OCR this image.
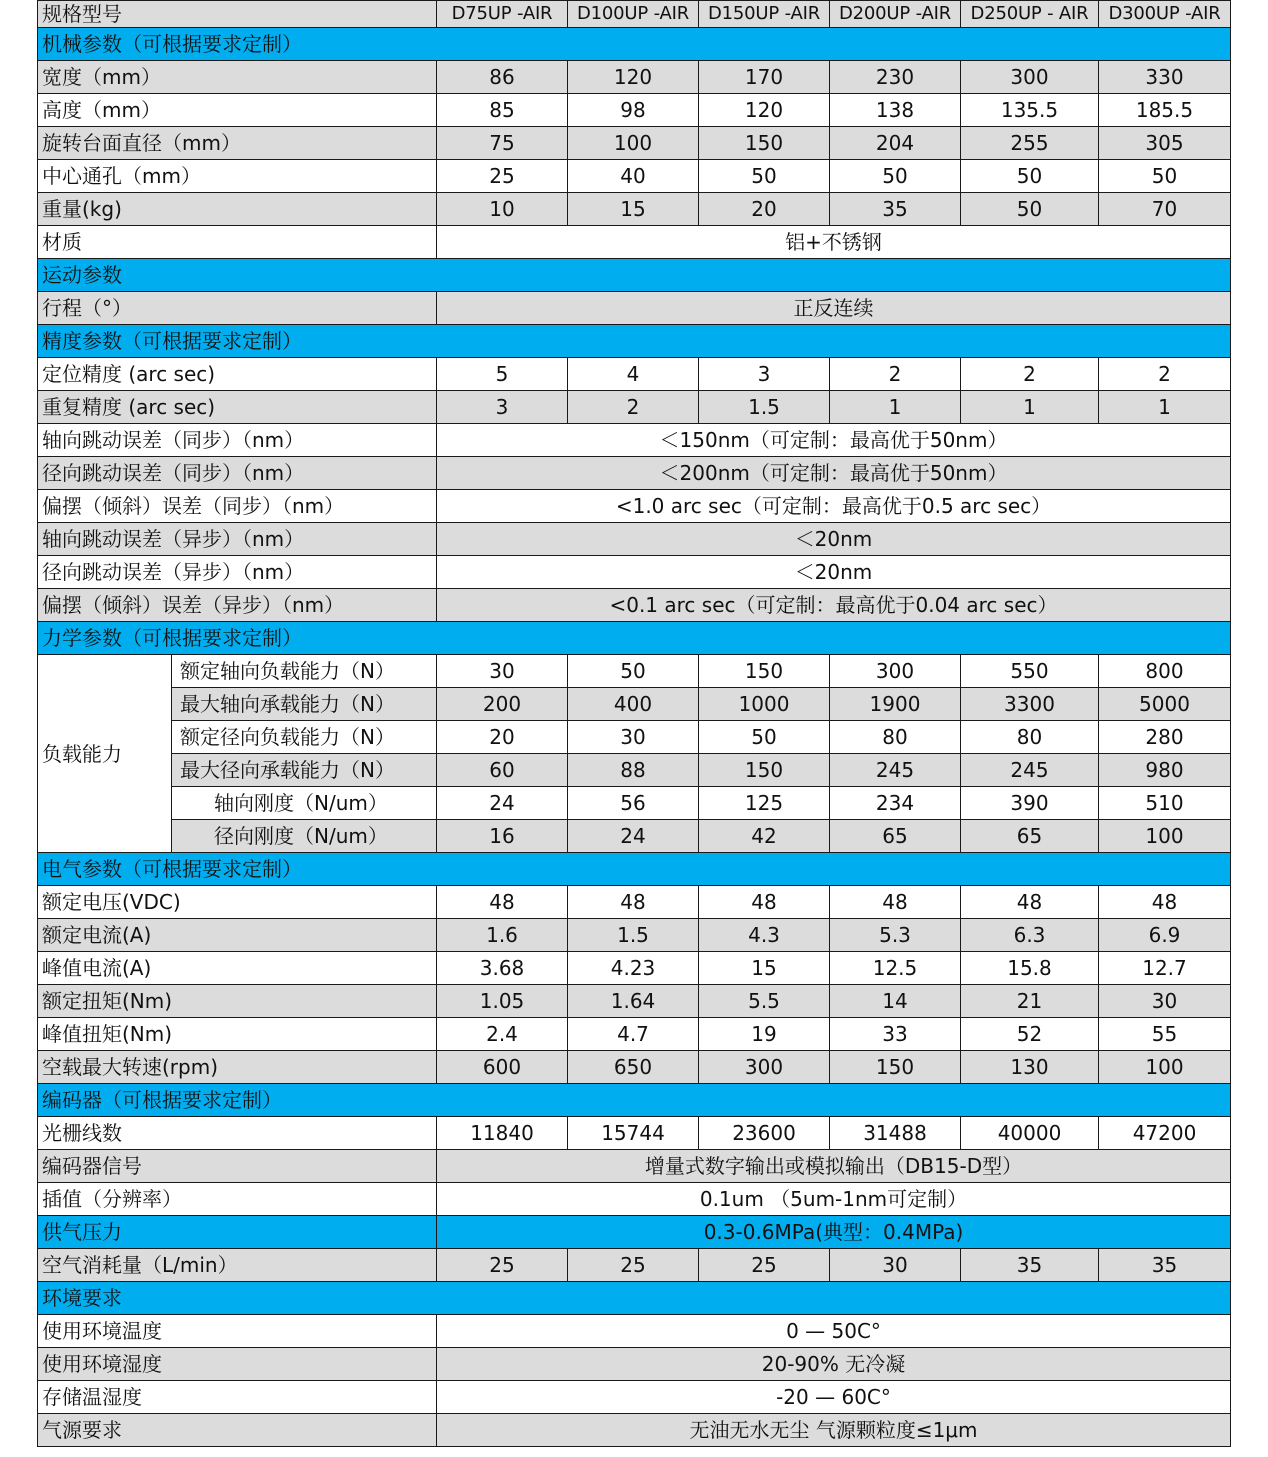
规格型号		D75UP -AIR	D100UP -AIR	D150UP -AIR	D200UP -AIR	D250UP - AIR	D300UP -AIR
机械参数（可根据要求定制）							
宽度（mm）		86	120	170	230	300	330
高度（mm）		85	98	120	138	135.5	185.5
旋转台面直径（mm）		75	100	150	204	255	305
中心通孔（mm）		25	40	50	50	50	50
重量(kg)		10	15	20	35	50	70
材质		铝+不锈钢					
运动参数							
行程（°）		正反连续					
精度参数（可根据要求定制）							
定位精度 (arc sec)		5	4	3	2	2	2
重复精度 (arc sec)		3	2	1.5	1	1	1
轴向跳动误差（同步）（nm）		＜150nm（可定制：最高优于50nm）					
径向跳动误差（同步）（nm）		＜200nm（可定制：最高优于50nm）					
偏摆（倾斜）误差（同步）（nm）		<1.0 arc sec（可定制：最高优于0.5 arc sec）					
轴向跳动误差（异步）（nm）		＜20nm					
径向跳动误差（异步）（nm）		＜20nm					
偏摆（倾斜）误差（异步）（nm）		<0.1 arc sec（可定制：最高优于0.04 arc sec）					
力学参数（可根据要求定制）							
负载能力	额定轴向负载能力（N）	30	50	150	300	550	800
	最大轴向承载能力（N）	200	400	1000	1900	3300	5000
	额定径向负载能力（N）	20	30	50	80	80	280
	最大径向承载能力（N）	60	88	150	245	245	980
	轴向刚度（N/um）	24	56	125	234	390	510
	径向刚度（N/um）	16	24	42	65	65	100
电气参数（可根据要求定制）							
额定电压(VDC)		48	48	48	48	48	48
额定电流(A)		1.6	1.5	4.3	5.3	6.3	6.9
峰值电流(A)		3.68	4.23	15	12.5	15.8	12.7
额定扭矩(Nm)		1.05	1.64	5.5	14	21	30
峰值扭矩(Nm)		2.4	4.7	19	33	52	55
空载最大转速(rpm)		600	650	300	150	130	100
编码器（可根据要求定制）							
光栅线数		11840	15744	23600	31488	40000	47200
编码器信号		增量式数字输出或模拟输出（DB15-D型）					
插值（分辨率）		0.1um （5um-1nm可定制）					
供气压力		0.3-0.6MPa(典型：0.4MPa)					
空气消耗量（L/min）		25	25	25	30	35	35
环境要求							
使用环境温度		0 — 50C°					
使用环境湿度		20-90% 无冷凝					
存储温湿度		-20 — 60C°					
气源要求		无油无水无尘 气源颗粒度≤1μm					
